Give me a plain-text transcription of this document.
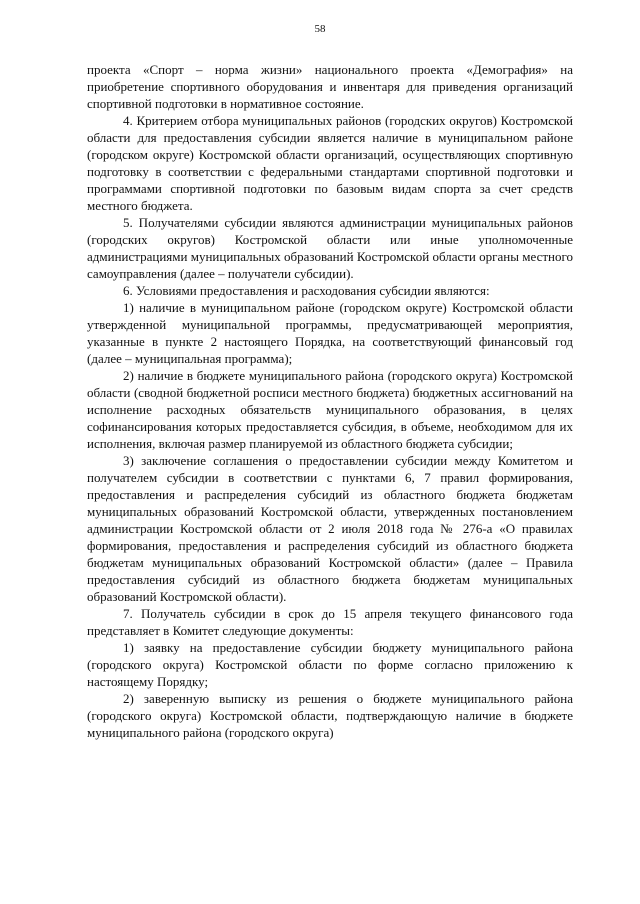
58

проекта «Спорт – норма жизни» национального проекта «Демография» на приобретение спортивного оборудования и инвентаря для приведения организаций спортивной подготовки в нормативное состояние.

4. Критерием отбора муниципальных районов (городских округов) Костромской области для предоставления субсидии является наличие в муниципальном районе (городском округе) Костромской области организаций, осуществляющих спортивную подготовку в соответствии с федеральными стандартами спортивной подготовки и программами спортивной подготовки по базовым видам спорта за счет средств местного бюджета.

5. Получателями субсидии являются администрации муниципальных районов (городских округов) Костромской области или иные уполномоченные администрациями муниципальных образований Костромской области органы местного самоуправления (далее – получатели субсидии).

6. Условиями предоставления и расходования субсидии являются:

1) наличие в муниципальном районе (городском округе) Костромской области утвержденной муниципальной программы, предусматривающей мероприятия, указанные в пункте 2 настоящего Порядка, на соответствующий финансовый год (далее – муниципальная программа);

2) наличие в бюджете муниципального района (городского округа) Костромской области (сводной бюджетной росписи местного бюджета) бюджетных ассигнований на исполнение расходных обязательств муниципального образования, в целях софинансирования которых предоставляется субсидия, в объеме, необходимом для их исполнения, включая размер планируемой из областного бюджета субсидии;

3) заключение соглашения о предоставлении субсидии между Комитетом и получателем субсидии в соответствии с пунктами 6, 7 правил формирования, предоставления и распределения субсидий из областного бюджета бюджетам муниципальных образований Костромской области, утвержденных постановлением администрации Костромской области от 2 июля 2018 года № 276-а «О правилах формирования, предоставления и распределения субсидий из областного бюджета бюджетам муниципальных образований Костромской области» (далее – Правила предоставления субсидий из областного бюджета бюджетам муниципальных образований Костромской области).

7. Получатель субсидии в срок до 15 апреля текущего финансового года представляет в Комитет следующие документы:

1) заявку на предоставление субсидии бюджету муниципального района (городского округа) Костромской области по форме согласно приложению к настоящему Порядку;

2) заверенную выписку из решения о бюджете муниципального района (городского округа) Костромской области, подтверждающую наличие в бюджете муниципального района (городского округа)
